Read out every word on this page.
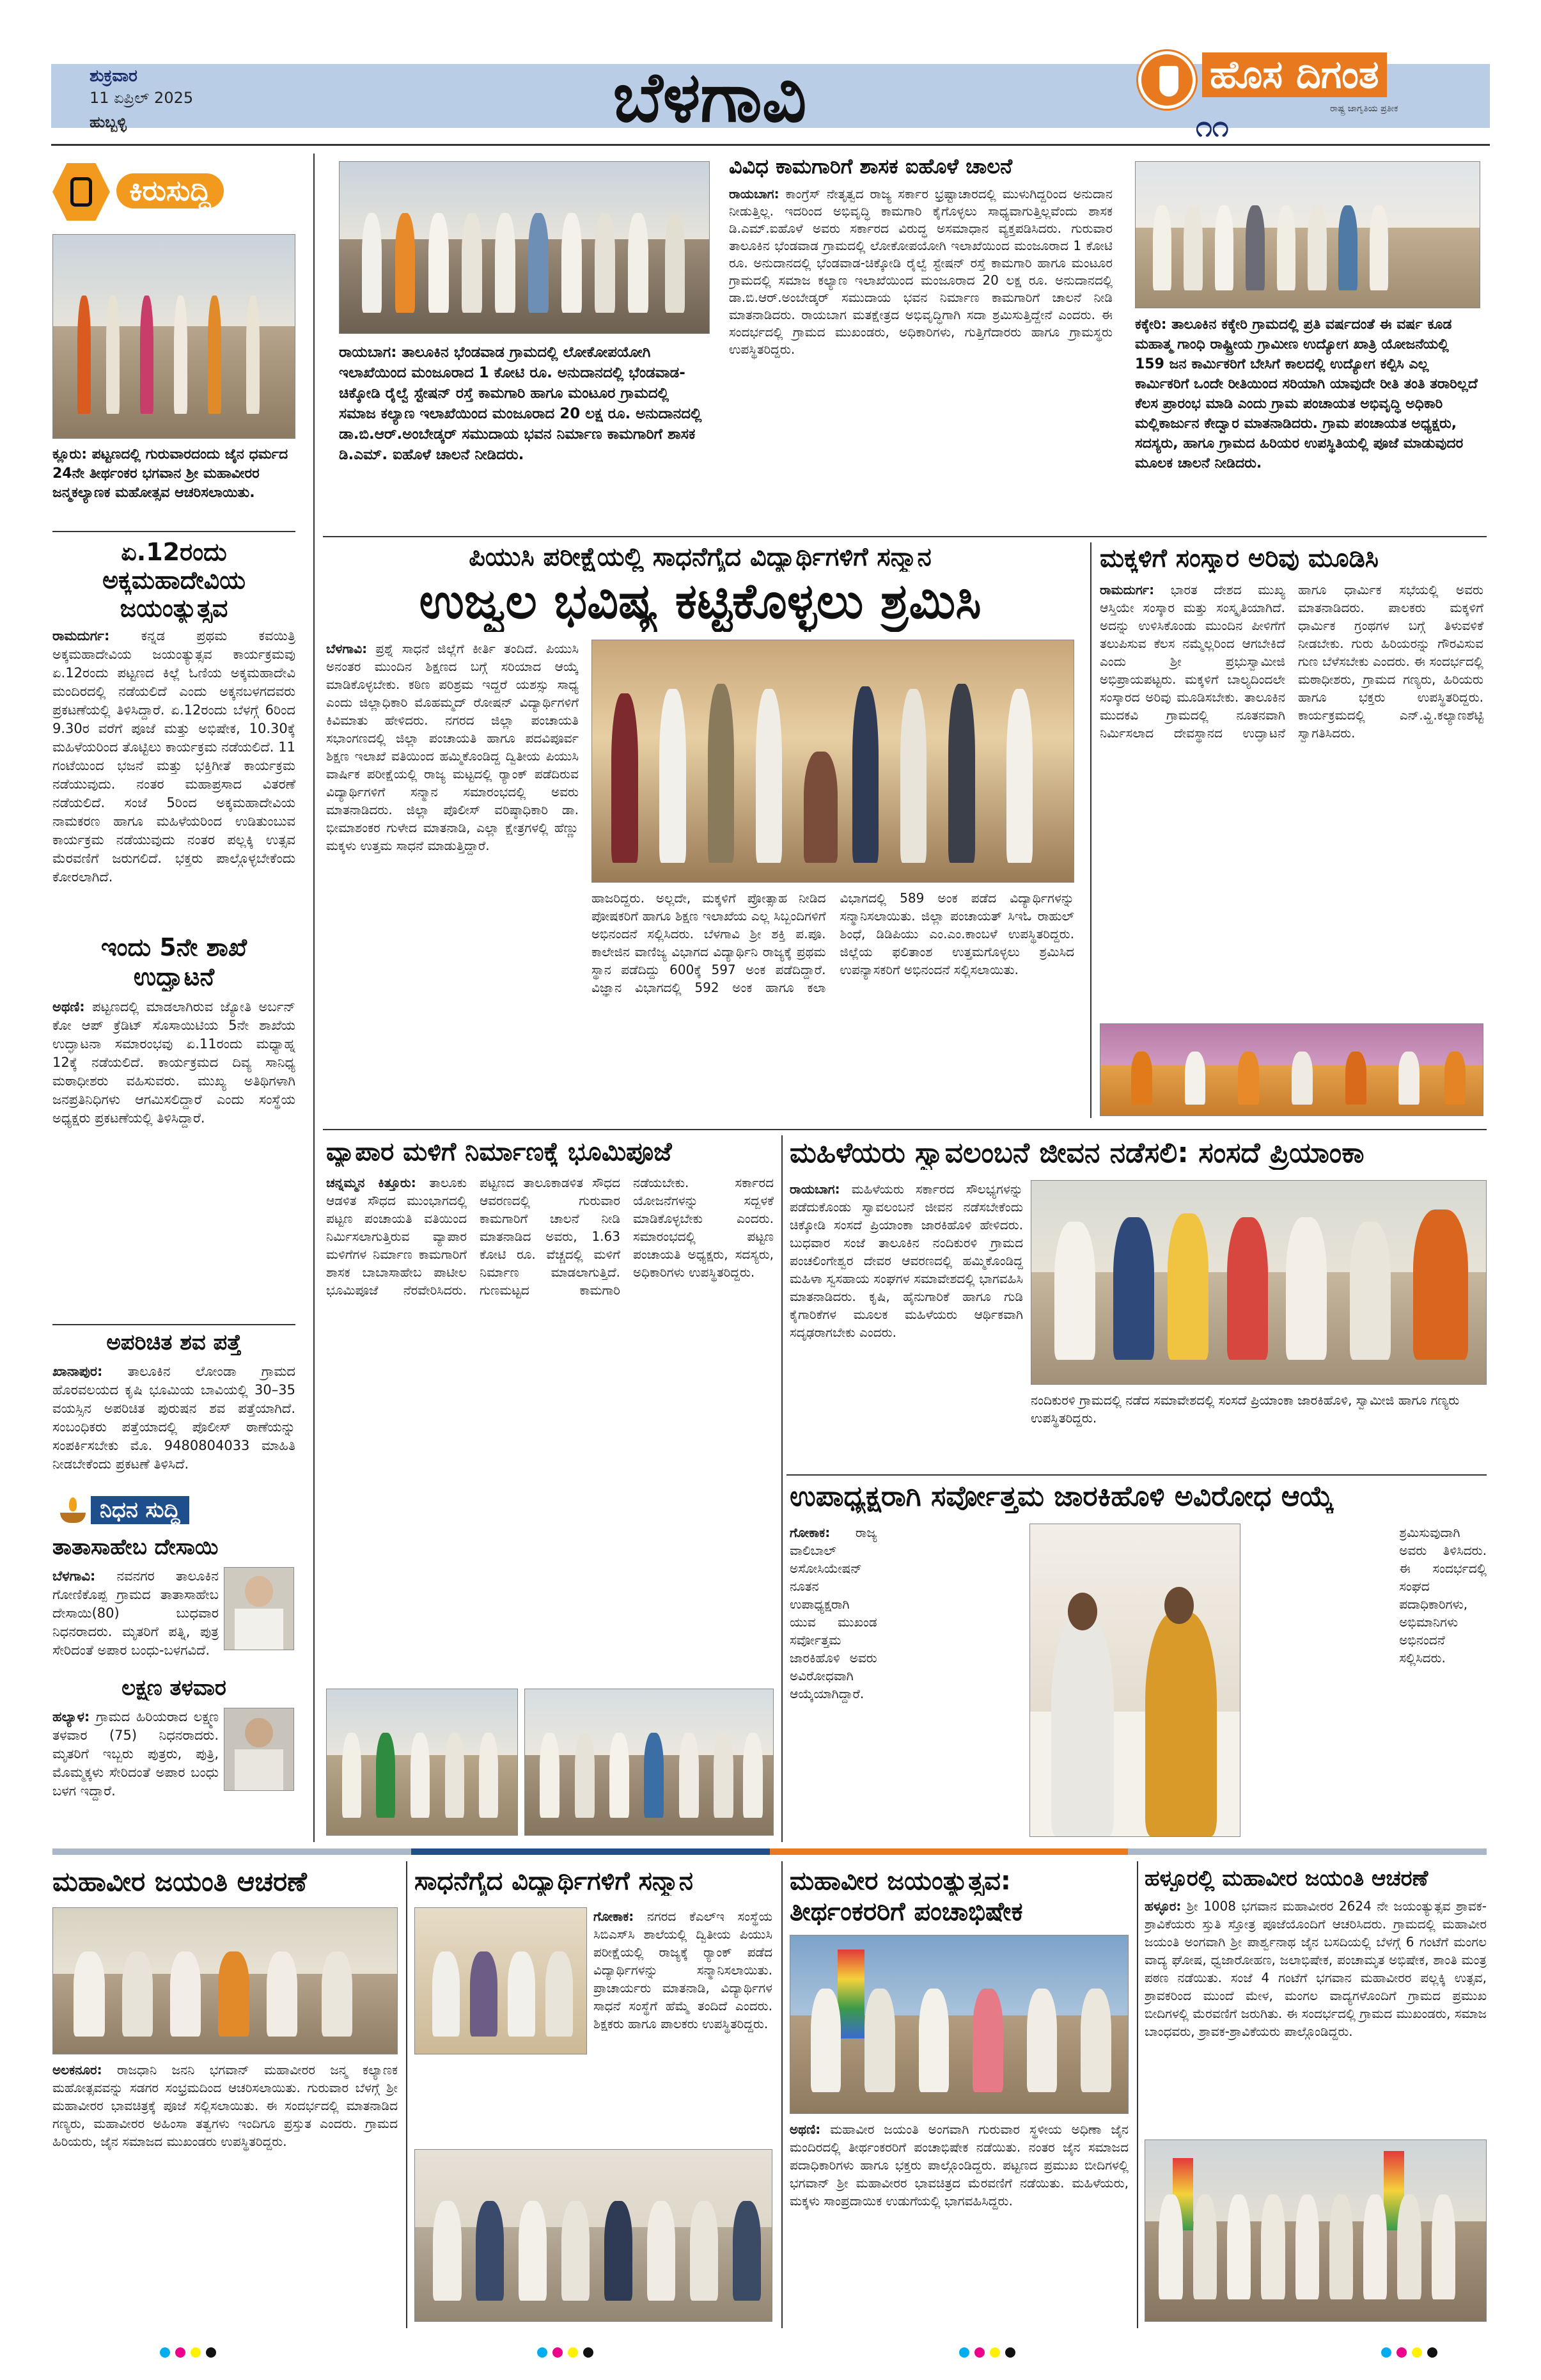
ಶುಕ್ರವಾರ
11 ಏಪ್ರಿಲ್ 2025
ಹುಬ್ಬಳ್ಳಿ	ಬೆಳಗಾವಿ	ಹೊಸ ದಿಗಂತ
ರಾಷ್ಟ್ರ ಜಾಗೃತಿಯ ಪ್ರತೀಕ
೧೧
ಕಿರುಸುದ್ದಿ
ಕ್ಲೂರು: ಪಟ್ಟಣದಲ್ಲಿ ಗುರುವಾರದಂದು ಜೈನ ಧರ್ಮದ 24ನೇ ತೀರ್ಥಂಕರ ಭಗವಾನ ಶ್ರೀ ಮಹಾವೀರರ ಜನ್ಮಕಲ್ಯಾಣಕ ಮಹೋತ್ಸವ ಆಚರಿಸಲಾಯಿತು.
ಏ.12ರಂದು
ಅಕ್ಕಮಹಾದೇವಿಯ
ಜಯಂತ್ಯುತ್ಸವ
ರಾಮದುರ್ಗ: ಕನ್ನಡ ಪ್ರಥಮ ಕವಯಿತ್ರಿ ಅಕ್ಕಮಹಾದೇವಿಯ ಜಯಂತ್ಯುತ್ಸವ ಕಾರ್ಯಕ್ರಮವು ಏ.12ರಂದು ಪಟ್ಟಣದ ಕಿಲ್ಲೆ ಓಣಿಯ ಅಕ್ಕಮಹಾದೇವಿ ಮಂದಿರದಲ್ಲಿ ನಡೆಯಲಿದೆ ಎಂದು ಅಕ್ಕನಬಳಗದವರು ಪ್ರಕಟಣೆಯಲ್ಲಿ ತಿಳಿಸಿದ್ದಾರೆ. ಏ.12ರಂದು ಬೆಳಗ್ಗೆ 6ರಿಂದ 9.30ರ ವರೆಗೆ ಪೂಜೆ ಮತ್ತು ಅಭಿಷೇಕ, 10.30ಕ್ಕೆ ಮಹಿಳೆಯರಿಂದ ತೊಟ್ಟಿಲು ಕಾರ್ಯಕ್ರಮ ನಡೆಯಲಿದೆ. 11 ಗಂಟೆಯಿಂದ ಭಜನೆ ಮತ್ತು ಭಕ್ತಿಗೀತೆ ಕಾರ್ಯಕ್ರಮ ನಡೆಯುವುದು. ನಂತರ ಮಹಾಪ್ರಸಾದ ವಿತರಣೆ ನಡೆಯಲಿದೆ. ಸಂಜೆ 5ರಿಂದ ಅಕ್ಕಮಹಾದೇವಿಯ ನಾಮಕರಣ ಹಾಗೂ ಮಹಿಳೆಯರಿಂದ ಉಡಿತುಂಬುವ ಕಾರ್ಯಕ್ರಮ ನಡೆಯುವುದು ನಂತರ ಪಲ್ಲಕ್ಕಿ ಉತ್ಸವ ಮೆರವಣಿಗೆ ಜರುಗಲಿದೆ. ಭಕ್ತರು ಪಾಲ್ಗೊಳ್ಳಬೇಕೆಂದು ಕೋರಲಾಗಿದೆ.
ಇಂದು 5ನೇ ಶಾಖೆ
ಉದ್ಘಾಟನೆ
ಅಥಣಿ: ಪಟ್ಟಣದಲ್ಲಿ ಮಾಡಲಾಗಿರುವ ಜ್ಯೋತಿ ಅರ್ಬನ್ ಕೋ ಆಪ್ ಕ್ರೆಡಿಟ್ ಸೊಸಾಯಿಟಿಯ 5ನೇ ಶಾಖೆಯ ಉದ್ಘಾಟನಾ ಸಮಾರಂಭವು ಏ.11ರಂದು ಮಧ್ಯಾಹ್ನ 12ಕ್ಕೆ ನಡೆಯಲಿದೆ. ಕಾರ್ಯಕ್ರಮದ ದಿವ್ಯ ಸಾನಿಧ್ಯ ಮಠಾಧೀಶರು ವಹಿಸುವರು. ಮುಖ್ಯ ಅತಿಥಿಗಳಾಗಿ ಜನಪ್ರತಿನಿಧಿಗಳು ಆಗಮಿಸಲಿದ್ದಾರೆ ಎಂದು ಸಂಸ್ಥೆಯ ಅಧ್ಯಕ್ಷರು ಪ್ರಕಟಣೆಯಲ್ಲಿ ತಿಳಿಸಿದ್ದಾರೆ.
ಅಪರಿಚಿತ ಶವ ಪತ್ತೆ
ಖಾನಾಪುರ: ತಾಲೂಕಿನ ಲೋಂಡಾ ಗ್ರಾಮದ ಹೊರವಲಯದ ಕೃಷಿ ಭೂಮಿಯ ಬಾವಿಯಲ್ಲಿ 30–35 ವಯಸ್ಸಿನ ಅಪರಿಚಿತ ಪುರುಷನ ಶವ ಪತ್ತೆಯಾಗಿದೆ. ಸಂಬಂಧಿಕರು ಪತ್ತೆಯಾದಲ್ಲಿ ಪೊಲೀಸ್ ಠಾಣೆಯನ್ನು ಸಂಪರ್ಕಿಸಬೇಕು ಮೊ. 9480804033 ಮಾಹಿತಿ ನೀಡಬೇಕೆಂದು ಪ್ರಕಟಣೆ ತಿಳಿಸಿದೆ.
ನಿಧನ ಸುದ್ದಿ
ತಾತಾಸಾಹೇಬ ದೇಸಾಯಿ
ಬೆಳಗಾವಿ: ನವನಗರ ತಾಲೂಕಿನ ಗೋಣಿಕೊಪ್ಪ ಗ್ರಾಮದ ತಾತಾಸಾಹೇಬ ದೇಸಾಯಿ(80) ಬುಧವಾರ ನಿಧನರಾದರು. ಮೃತರಿಗೆ ಪತ್ನಿ, ಪುತ್ರ ಸೇರಿದಂತೆ ಅಪಾರ ಬಂಧು-ಬಳಗವಿದೆ.
ಲಕ್ಷ್ಮಣ ತಳವಾರ
ಹಲ್ಯಾಳ: ಗ್ರಾಮದ ಹಿರಿಯರಾದ ಲಕ್ಷ್ಮಣ ತಳವಾರ (75) ನಿಧನರಾದರು. ಮೃತರಿಗೆ ಇಬ್ಬರು ಪುತ್ರರು, ಪುತ್ರಿ, ಮೊಮ್ಮಕ್ಕಳು ಸೇರಿದಂತೆ ಅಪಾರ ಬಂಧು ಬಳಗ ಇದ್ದಾರೆ.
ರಾಯಬಾಗ: ತಾಲೂಕಿನ ಭೆಂಡವಾಡ ಗ್ರಾಮದಲ್ಲಿ ಲೋಕೋಪಯೋಗಿ ಇಲಾಖೆಯಿಂದ ಮಂಜೂರಾದ 1 ಕೋಟಿ ರೂ. ಅನುದಾನದಲ್ಲಿ ಭೆಂಡವಾಡ-ಚಿಕ್ಕೋಡಿ ರೈಲ್ವೆ ಸ್ಟೇಷನ್ ರಸ್ತೆ ಕಾಮಗಾರಿ ಹಾಗೂ ಮಂಟೂರ ಗ್ರಾಮದಲ್ಲಿ ಸಮಾಜ ಕಲ್ಯಾಣ ಇಲಾಖೆಯಿಂದ ಮಂಜೂರಾದ 20 ಲಕ್ಷ ರೂ. ಅನುದಾನದಲ್ಲಿ ಡಾ.ಬಿ.ಆರ್.ಅಂಬೇಡ್ಕರ್ ಸಮುದಾಯ ಭವನ ನಿರ್ಮಾಣ ಕಾಮಗಾರಿಗೆ ಶಾಸಕ ಡಿ.ಎಮ್. ಐಹೊಳೆ ಚಾಲನೆ ನೀಡಿದರು.
ವಿವಿಧ ಕಾಮಗಾರಿಗೆ ಶಾಸಕ ಐಹೊಳೆ ಚಾಲನೆ
ರಾಯಬಾಗ: ಕಾಂಗ್ರೆಸ್ ನೇತೃತ್ವದ ರಾಜ್ಯ ಸರ್ಕಾರ ಭ್ರಷ್ಟಾಚಾರದಲ್ಲಿ ಮುಳುಗಿದ್ದರಿಂದ ಅನುದಾನ ನೀಡುತ್ತಿಲ್ಲ. ಇದರಿಂದ ಅಭಿವೃದ್ಧಿ ಕಾಮಗಾರಿ ಕೈಗೊಳ್ಳಲು ಸಾಧ್ಯವಾಗುತ್ತಿಲ್ಲವೆಂದು ಶಾಸಕ ಡಿ.ಎಮ್.ಐಹೊಳೆ ಅವರು ಸರ್ಕಾರದ ವಿರುದ್ಧ ಅಸಮಾಧಾನ ವ್ಯಕ್ತಪಡಿಸಿದರು. ಗುರುವಾರ ತಾಲೂಕಿನ ಭೆಂಡವಾಡ ಗ್ರಾಮದಲ್ಲಿ ಲೋಕೋಪಯೋಗಿ ಇಲಾಖೆಯಿಂದ ಮಂಜೂರಾದ 1 ಕೋಟಿ ರೂ. ಅನುದಾನದಲ್ಲಿ ಭೆಂಡವಾಡ-ಚಿಕ್ಕೋಡಿ ರೈಲ್ವೆ ಸ್ಟೇಷನ್ ರಸ್ತೆ ಕಾಮಗಾರಿ ಹಾಗೂ ಮಂಟೂರ ಗ್ರಾಮದಲ್ಲಿ ಸಮಾಜ ಕಲ್ಯಾಣ ಇಲಾಖೆಯಿಂದ ಮಂಜೂರಾದ 20 ಲಕ್ಷ ರೂ. ಅನುದಾನದಲ್ಲಿ ಡಾ.ಬಿ.ಆರ್.ಅಂಬೇಡ್ಕರ್ ಸಮುದಾಯ ಭವನ ನಿರ್ಮಾಣ ಕಾಮಗಾರಿಗೆ ಚಾಲನೆ ನೀಡಿ ಮಾತನಾಡಿದರು. ರಾಯಬಾಗ ಮತಕ್ಷೇತ್ರದ ಅಭಿವೃದ್ಧಿಗಾಗಿ ಸದಾ ಶ್ರಮಿಸುತ್ತಿದ್ದೇನೆ ಎಂದರು. ಈ ಸಂದರ್ಭದಲ್ಲಿ ಗ್ರಾಮದ ಮುಖಂಡರು, ಅಧಿಕಾರಿಗಳು, ಗುತ್ತಿಗೆದಾರರು ಹಾಗೂ ಗ್ರಾಮಸ್ಥರು ಉಪಸ್ಥಿತರಿದ್ದರು.
ಕಕ್ಕೇರಿ: ತಾಲೂಕಿನ ಕಕ್ಕೇರಿ ಗ್ರಾಮದಲ್ಲಿ ಪ್ರತಿ ವರ್ಷದಂತೆ ಈ ವರ್ಷ ಕೂಡ ಮಹಾತ್ಮ ಗಾಂಧಿ ರಾಷ್ಟ್ರೀಯ ಗ್ರಾಮೀಣ ಉದ್ಯೋಗ ಖಾತ್ರಿ ಯೋಜನೆಯಲ್ಲಿ 159 ಜನ ಕಾರ್ಮಿಕರಿಗೆ ಬೇಸಿಗೆ ಕಾಲದಲ್ಲಿ ಉದ್ಯೋಗ ಕಲ್ಪಿಸಿ ಎಲ್ಲ ಕಾರ್ಮಿಕರಿಗೆ ಒಂದೇ ರೀತಿಯಿಂದ ಸರಿಯಾಗಿ ಯಾವುದೇ ರೀತಿ ತಂತಿ ತರಾರಿಲ್ಲದೆ ಕೆಲಸ ಪ್ರಾರಂಭ ಮಾಡಿ ಎಂದು ಗ್ರಾಮ ಪಂಚಾಯತ ಅಭಿವೃದ್ಧಿ ಅಧಿಕಾರಿ ಮಲ್ಲಿಕಾರ್ಜುನ ಕೇದ್ವಾರ ಮಾತನಾಡಿದರು. ಗ್ರಾಮ ಪಂಚಾಯತ ಅಧ್ಯಕ್ಷರು, ಸದಸ್ಯರು, ಹಾಗೂ ಗ್ರಾಮದ ಹಿರಿಯರ ಉಪಸ್ಥಿತಿಯಲ್ಲಿ ಪೂಜೆ ಮಾಡುವುದರ ಮೂಲಕ ಚಾಲನೆ ನೀಡಿದರು.
ಪಿಯುಸಿ ಪರೀಕ್ಷೆಯಲ್ಲಿ ಸಾಧನೆಗೈದ ವಿದ್ಯಾರ್ಥಿಗಳಿಗೆ ಸನ್ಮಾನ
ಉಜ್ವಲ ಭವಿಷ್ಯ ಕಟ್ಟಿಕೊಳ್ಳಲು ಶ್ರಮಿಸಿ
ಬೆಳಗಾವಿ: ಪ್ರಶ್ನೆ ಸಾಧನೆ ಜಿಲ್ಲೆಗೆ ಕೀರ್ತಿ ತಂದಿದೆ. ಪಿಯುಸಿ ಅನಂತರ ಮುಂದಿನ ಶಿಕ್ಷಣದ ಬಗ್ಗೆ ಸರಿಯಾದ ಆಯ್ಕೆ ಮಾಡಿಕೊಳ್ಳಬೇಕು. ಕಠಿಣ ಪರಿಶ್ರಮ ಇದ್ದರೆ ಯಶಸ್ಸು ಸಾಧ್ಯ ಎಂದು ಜಿಲ್ಲಾಧಿಕಾರಿ ಮೊಹಮ್ಮದ್ ರೋಷನ್ ವಿದ್ಯಾರ್ಥಿಗಳಿಗೆ ಕಿವಿಮಾತು ಹೇಳಿದರು. ನಗರದ ಜಿಲ್ಲಾ ಪಂಚಾಯತಿ ಸಭಾಂಗಣದಲ್ಲಿ ಜಿಲ್ಲಾ ಪಂಚಾಯತಿ ಹಾಗೂ ಪದವಿಪೂರ್ವ ಶಿಕ್ಷಣ ಇಲಾಖೆ ವತಿಯಿಂದ ಹಮ್ಮಿಕೊಂಡಿದ್ದ ದ್ವಿತೀಯ ಪಿಯುಸಿ ವಾರ್ಷಿಕ ಪರೀಕ್ಷೆಯಲ್ಲಿ ರಾಜ್ಯ ಮಟ್ಟದಲ್ಲಿ ರ್‍ಯಾಂಕ್ ಪಡೆದಿರುವ ವಿದ್ಯಾರ್ಥಿಗಳಿಗೆ ಸನ್ಮಾನ ಸಮಾರಂಭದಲ್ಲಿ ಅವರು ಮಾತನಾಡಿದರು. ಜಿಲ್ಲಾ ಪೊಲೀಸ್ ವರಿಷ್ಠಾಧಿಕಾರಿ ಡಾ. ಭೀಮಾಶಂಕರ ಗುಳೇದ ಮಾತನಾಡಿ, ಎಲ್ಲಾ ಕ್ಷೇತ್ರಗಳಲ್ಲಿ ಹೆಣ್ಣು ಮಕ್ಕಳು ಉತ್ತಮ ಸಾಧನೆ ಮಾಡುತ್ತಿದ್ದಾರೆ.
ಹಾಜರಿದ್ದರು. ಅಲ್ಲದೇ, ಮಕ್ಕಳಿಗೆ ಪ್ರೋತ್ಸಾಹ ನೀಡಿದ ಪೋಷಕರಿಗೆ ಹಾಗೂ ಶಿಕ್ಷಣ ಇಲಾಖೆಯ ಎಲ್ಲ ಸಿಬ್ಬಂದಿಗಳಿಗೆ ಅಭಿನಂದನೆ ಸಲ್ಲಿಸಿದರು. ಬೆಳಗಾವಿ ಶ್ರೀ ಶಕ್ತಿ ಪ.ಪೂ. ಕಾಲೇಜಿನ ವಾಣಿಜ್ಯ ವಿಭಾಗದ ವಿದ್ಯಾರ್ಥಿನಿ ರಾಜ್ಯಕ್ಕೆ ಪ್ರಥಮ ಸ್ಥಾನ ಪಡೆದಿದ್ದು 600ಕ್ಕೆ 597 ಅಂಕ ಪಡೆದಿದ್ದಾರೆ. ವಿಜ್ಞಾನ ವಿಭಾಗದಲ್ಲಿ 592 ಅಂಕ ಹಾಗೂ ಕಲಾ ವಿಭಾಗದಲ್ಲಿ 589 ಅಂಕ ಪಡೆದ ವಿದ್ಯಾರ್ಥಿಗಳನ್ನು ಸನ್ಮಾನಿಸಲಾಯಿತು. ಜಿಲ್ಲಾ ಪಂಚಾಯತ್ ಸಿಇಓ ರಾಹುಲ್ ಶಿಂಧೆ, ಡಿಡಿಪಿಯು ಎಂ.ಎಂ.ಕಾಂಬಳೆ ಉಪಸ್ಥಿತರಿದ್ದರು. ಜಿಲ್ಲೆಯ ಫಲಿತಾಂಶ ಉತ್ತಮಗೊಳ್ಳಲು ಶ್ರಮಿಸಿದ ಉಪನ್ಯಾಸಕರಿಗೆ ಅಭಿನಂದನೆ ಸಲ್ಲಿಸಲಾಯಿತು.
ಮಕ್ಕಳಿಗೆ ಸಂಸ್ಕಾರ ಅರಿವು ಮೂಡಿಸಿ
ರಾಮದುರ್ಗ: ಭಾರತ ದೇಶದ ಮುಖ್ಯ ಆಸ್ತಿಯೇ ಸಂಸ್ಕಾರ ಮತ್ತು ಸಂಸ್ಕೃತಿಯಾಗಿದೆ. ಅದನ್ನು ಉಳಿಸಿಕೊಂಡು ಮುಂದಿನ ಪೀಳಿಗೆಗೆ ತಲುಪಿಸುವ ಕೆಲಸ ನಮ್ಮೆಲ್ಲರಿಂದ ಆಗಬೇಕಿದೆ ಎಂದು ಶ್ರೀ ಪ್ರಭುಸ್ವಾಮೀಜಿ ಅಭಿಪ್ರಾಯಪಟ್ಟರು. ಮಕ್ಕಳಿಗೆ ಬಾಲ್ಯದಿಂದಲೇ ಸಂಸ್ಕಾರದ ಅರಿವು ಮೂಡಿಸಬೇಕು. ತಾಲೂಕಿನ ಮುದಕವಿ ಗ್ರಾಮದಲ್ಲಿ ನೂತನವಾಗಿ ನಿರ್ಮಿಸಲಾದ ದೇವಸ್ಥಾನದ ಉದ್ಘಾಟನೆ ಹಾಗೂ ಧಾರ್ಮಿಕ ಸಭೆಯಲ್ಲಿ ಅವರು ಮಾತನಾಡಿದರು. ಪಾಲಕರು ಮಕ್ಕಳಿಗೆ ಧಾರ್ಮಿಕ ಗ್ರಂಥಗಳ ಬಗ್ಗೆ ತಿಳುವಳಿಕೆ ನೀಡಬೇಕು. ಗುರು ಹಿರಿಯರನ್ನು ಗೌರವಿಸುವ ಗುಣ ಬೆಳೆಸಬೇಕು ಎಂದರು. ಈ ಸಂದರ್ಭದಲ್ಲಿ ಮಠಾಧೀಶರು, ಗ್ರಾಮದ ಗಣ್ಯರು, ಹಿರಿಯರು ಹಾಗೂ ಭಕ್ತರು ಉಪಸ್ಥಿತರಿದ್ದರು. ಕಾರ್ಯಕ್ರಮದಲ್ಲಿ ಎನ್.ವ್ಹಿ.ಕಲ್ಯಾಣಶೆಟ್ಟಿ ಸ್ವಾಗತಿಸಿದರು.
ವ್ಯಾಪಾರ ಮಳಿಗೆ ನಿರ್ಮಾಣಕ್ಕೆ ಭೂಮಿಪೂಜೆ
ಚನ್ನಮ್ಮನ ಕಿತ್ತೂರು: ತಾಲೂಕು ಆಡಳಿತ ಸೌಧದ ಮುಂಭಾಗದಲ್ಲಿ ಪಟ್ಟಣ ಪಂಚಾಯತಿ ವತಿಯಿಂದ ನಿರ್ಮಿಸಲಾಗುತ್ತಿರುವ ವ್ಯಾಪಾರ ಮಳಿಗೆಗಳ ನಿರ್ಮಾಣ ಕಾಮಗಾರಿಗೆ ಶಾಸಕ ಬಾಬಾಸಾಹೇಬ ಪಾಟೀಲ ಭೂಮಿಪೂಜೆ ನೆರವೇರಿಸಿದರು. ಪಟ್ಟಣದ ತಾಲೂಕಾಡಳಿತ ಸೌಧದ ಆವರಣದಲ್ಲಿ ಗುರುವಾರ ಕಾಮಗಾರಿಗೆ ಚಾಲನೆ ನೀಡಿ ಮಾತನಾಡಿದ ಅವರು, 1.63 ಕೋಟಿ ರೂ. ವೆಚ್ಚದಲ್ಲಿ ಮಳಿಗೆ ನಿರ್ಮಾಣ ಮಾಡಲಾಗುತ್ತಿದೆ. ಗುಣಮಟ್ಟದ ಕಾಮಗಾರಿ ನಡೆಯಬೇಕು. ಸರ್ಕಾರದ ಯೋಜನೆಗಳನ್ನು ಸದ್ಬಳಕೆ ಮಾಡಿಕೊಳ್ಳಬೇಕು ಎಂದರು. ಸಮಾರಂಭದಲ್ಲಿ ಪಟ್ಟಣ ಪಂಚಾಯತಿ ಅಧ್ಯಕ್ಷರು, ಸದಸ್ಯರು, ಅಧಿಕಾರಿಗಳು ಉಪಸ್ಥಿತರಿದ್ದರು.
ಮಹಿಳೆಯರು ಸ್ವಾವಲಂಬನೆ ಜೀವನ ನಡೆಸಲಿ: ಸಂಸದೆ ಪ್ರಿಯಾಂಕಾ
ರಾಯಬಾಗ: ಮಹಿಳೆಯರು ಸರ್ಕಾರದ ಸೌಲಭ್ಯಗಳನ್ನು ಪಡೆದುಕೊಂಡು ಸ್ವಾವಲಂಬನೆ ಜೀವನ ನಡೆಸಬೇಕೆಂದು ಚಿಕ್ಕೋಡಿ ಸಂಸದೆ ಪ್ರಿಯಾಂಕಾ ಜಾರಕಿಹೊಳಿ ಹೇಳಿದರು. ಬುಧವಾರ ಸಂಜೆ ತಾಲೂಕಿನ ನಂದಿಕುರಳಿ ಗ್ರಾಮದ ಪಂಚಲಿಂಗೇಶ್ವರ ದೇವರ ಆವರಣದಲ್ಲಿ ಹಮ್ಮಿಕೊಂಡಿದ್ದ ಮಹಿಳಾ ಸ್ವಸಹಾಯ ಸಂಘಗಳ ಸಮಾವೇಶದಲ್ಲಿ ಭಾಗವಹಿಸಿ ಮಾತನಾಡಿದರು. ಕೃಷಿ, ಹೈನುಗಾರಿಕೆ ಹಾಗೂ ಗುಡಿ ಕೈಗಾರಿಕೆಗಳ ಮೂಲಕ ಮಹಿಳೆಯರು ಆರ್ಥಿಕವಾಗಿ ಸದೃಢರಾಗಬೇಕು ಎಂದರು.
ನಂದಿಕುರಳಿ ಗ್ರಾಮದಲ್ಲಿ ನಡೆದ ಸಮಾವೇಶದಲ್ಲಿ ಸಂಸದೆ ಪ್ರಿಯಾಂಕಾ ಜಾರಕಿಹೊಳಿ, ಸ್ವಾಮೀಜಿ ಹಾಗೂ ಗಣ್ಯರು ಉಪಸ್ಥಿತರಿದ್ದರು.
ಉಪಾಧ್ಯಕ್ಷರಾಗಿ ಸರ್ವೋತ್ತಮ ಜಾರಕಿಹೊಳಿ ಅವಿರೋಧ ಆಯ್ಕೆ
ಗೋಕಾಕ: ರಾಜ್ಯ ವಾಲಿಬಾಲ್ ಅಸೋಸಿಯೇಷನ್ ನೂತನ ಉಪಾಧ್ಯಕ್ಷರಾಗಿ ಯುವ ಮುಖಂಡ ಸರ್ವೋತ್ತಮ ಜಾರಕಿಹೊಳಿ ಅವರು ಅವಿರೋಧವಾಗಿ ಆಯ್ಕೆಯಾಗಿದ್ದಾರೆ. ಶ್ರಮಿಸುವುದಾಗಿ ಅವರು ತಿಳಿಸಿದರು. ಈ ಸಂದರ್ಭದಲ್ಲಿ ಸಂಘದ ಪದಾಧಿಕಾರಿಗಳು, ಅಭಿಮಾನಿಗಳು ಅಭಿನಂದನೆ ಸಲ್ಲಿಸಿದರು.
ಮಹಾವೀರ ಜಯಂತಿ ಆಚರಣೆ
ಅಲಕನೂರ: ರಾಜಧಾನಿ ಜನನಿ ಭಗವಾನ್ ಮಹಾವೀರರ ಜನ್ಮ ಕಲ್ಯಾಣಕ ಮಹೋತ್ಸವವನ್ನು ಸಡಗರ ಸಂಭ್ರಮದಿಂದ ಆಚರಿಸಲಾಯಿತು. ಗುರುವಾರ ಬೆಳಗ್ಗೆ ಶ್ರೀ ಮಹಾವೀರರ ಭಾವಚಿತ್ರಕ್ಕೆ ಪೂಜೆ ಸಲ್ಲಿಸಲಾಯಿತು. ಈ ಸಂದರ್ಭದಲ್ಲಿ ಮಾತನಾಡಿದ ಗಣ್ಯರು, ಮಹಾವೀರರ ಅಹಿಂಸಾ ತತ್ವಗಳು ಇಂದಿಗೂ ಪ್ರಸ್ತುತ ಎಂದರು. ಗ್ರಾಮದ ಹಿರಿಯರು, ಜೈನ ಸಮಾಜದ ಮುಖಂಡರು ಉಪಸ್ಥಿತರಿದ್ದರು.
ಸಾಧನೆಗೈದ ವಿದ್ಯಾರ್ಥಿಗಳಿಗೆ ಸನ್ಮಾನ
ಗೋಕಾಕ: ನಗರದ ಕೆಎಲ್‌ಇ ಸಂಸ್ಥೆಯ ಸಿಬಿಎಸ್‌ಸಿ ಶಾಲೆಯಲ್ಲಿ ದ್ವಿತೀಯ ಪಿಯುಸಿ ಪರೀಕ್ಷೆಯಲ್ಲಿ ರಾಜ್ಯಕ್ಕೆ ರ್‍ಯಾಂಕ್ ಪಡೆದ ವಿದ್ಯಾರ್ಥಿಗಳನ್ನು ಸನ್ಮಾನಿಸಲಾಯಿತು. ಪ್ರಾಚಾರ್ಯರು ಮಾತನಾಡಿ, ವಿದ್ಯಾರ್ಥಿಗಳ ಸಾಧನೆ ಸಂಸ್ಥೆಗೆ ಹೆಮ್ಮೆ ತಂದಿದೆ ಎಂದರು. ಶಿಕ್ಷಕರು ಹಾಗೂ ಪಾಲಕರು ಉಪಸ್ಥಿತರಿದ್ದರು.
ಮಹಾವೀರ ಜಯಂತ್ಯುತ್ಸವ:
ತೀರ್ಥಂಕರರಿಗೆ ಪಂಚಾಭಿಷೇಕ
ಅಥಣಿ: ಮಹಾವೀರ ಜಯಂತಿ ಅಂಗವಾಗಿ ಗುರುವಾರ ಸ್ಥಳೀಯ ಅಧಿಣಾ ಜೈನ ಮಂದಿರದಲ್ಲಿ ತೀರ್ಥಂಕರರಿಗೆ ಪಂಚಾಭಿಷೇಕ ನಡೆಯಿತು. ನಂತರ ಜೈನ ಸಮಾಜದ ಪದಾಧಿಕಾರಿಗಳು ಹಾಗೂ ಭಕ್ತರು ಪಾಲ್ಗೊಂಡಿದ್ದರು. ಪಟ್ಟಣದ ಪ್ರಮುಖ ಬೀದಿಗಳಲ್ಲಿ ಭಗವಾನ್ ಶ್ರೀ ಮಹಾವೀರರ ಭಾವಚಿತ್ರದ ಮೆರವಣಿಗೆ ನಡೆಯಿತು. ಮಹಿಳೆಯರು, ಮಕ್ಕಳು ಸಾಂಪ್ರದಾಯಿಕ ಉಡುಗೆಯಲ್ಲಿ ಭಾಗವಹಿಸಿದ್ದರು.
ಹಳ್ಳೂರಲ್ಲಿ ಮಹಾವೀರ ಜಯಂತಿ ಆಚರಣೆ
ಹಳ್ಳೂರ: ಶ್ರೀ 1008 ಭಗವಾನ ಮಹಾವೀರರ 2624 ನೇ ಜಯಂತ್ಯುತ್ಸವ ಶ್ರಾವಕ-ಶ್ರಾವಿಕೆಯರು ಸ್ತುತಿ ಸ್ತೋತ್ರ ಪೂಜೆಯೊಂದಿಗೆ ಆಚರಿಸಿದರು. ಗ್ರಾಮದಲ್ಲಿ ಮಹಾವೀರ ಜಯಂತಿ ಅಂಗವಾಗಿ ಶ್ರೀ ಪಾರ್ಶ್ವನಾಥ ಜೈನ ಬಸದಿಯಲ್ಲಿ ಬೆಳಗ್ಗೆ 6 ಗಂಟೆಗೆ ಮಂಗಲ ವಾದ್ಯ ಘೋಷ, ಧ್ವಜಾರೋಹಣ, ಜಲಾಭಿಷೇಕ, ಪಂಚಾಮೃತ ಅಭಿಷೇಕ, ಶಾಂತಿ ಮಂತ್ರ ಪಠಣ ನಡೆಯಿತು. ಸಂಜೆ 4 ಗಂಟೆಗೆ ಭಗವಾನ ಮಹಾವೀರರ ಪಲ್ಲಕ್ಕಿ ಉತ್ಸವ, ಶ್ರಾವಕರಿಂದ ಮುಂದೆ ಮೇಳ, ಮಂಗಲ ವಾದ್ಯಗಳೊಂದಿಗೆ ಗ್ರಾಮದ ಪ್ರಮುಖ ಬೀದಿಗಳಲ್ಲಿ ಮೆರವಣಿಗೆ ಜರುಗಿತು. ಈ ಸಂದರ್ಭದಲ್ಲಿ ಗ್ರಾಮದ ಮುಖಂಡರು, ಸಮಾಜ ಬಾಂಧವರು, ಶ್ರಾವಕ-ಶ್ರಾವಿಕೆಯರು ಪಾಲ್ಗೊಂಡಿದ್ದರು.
